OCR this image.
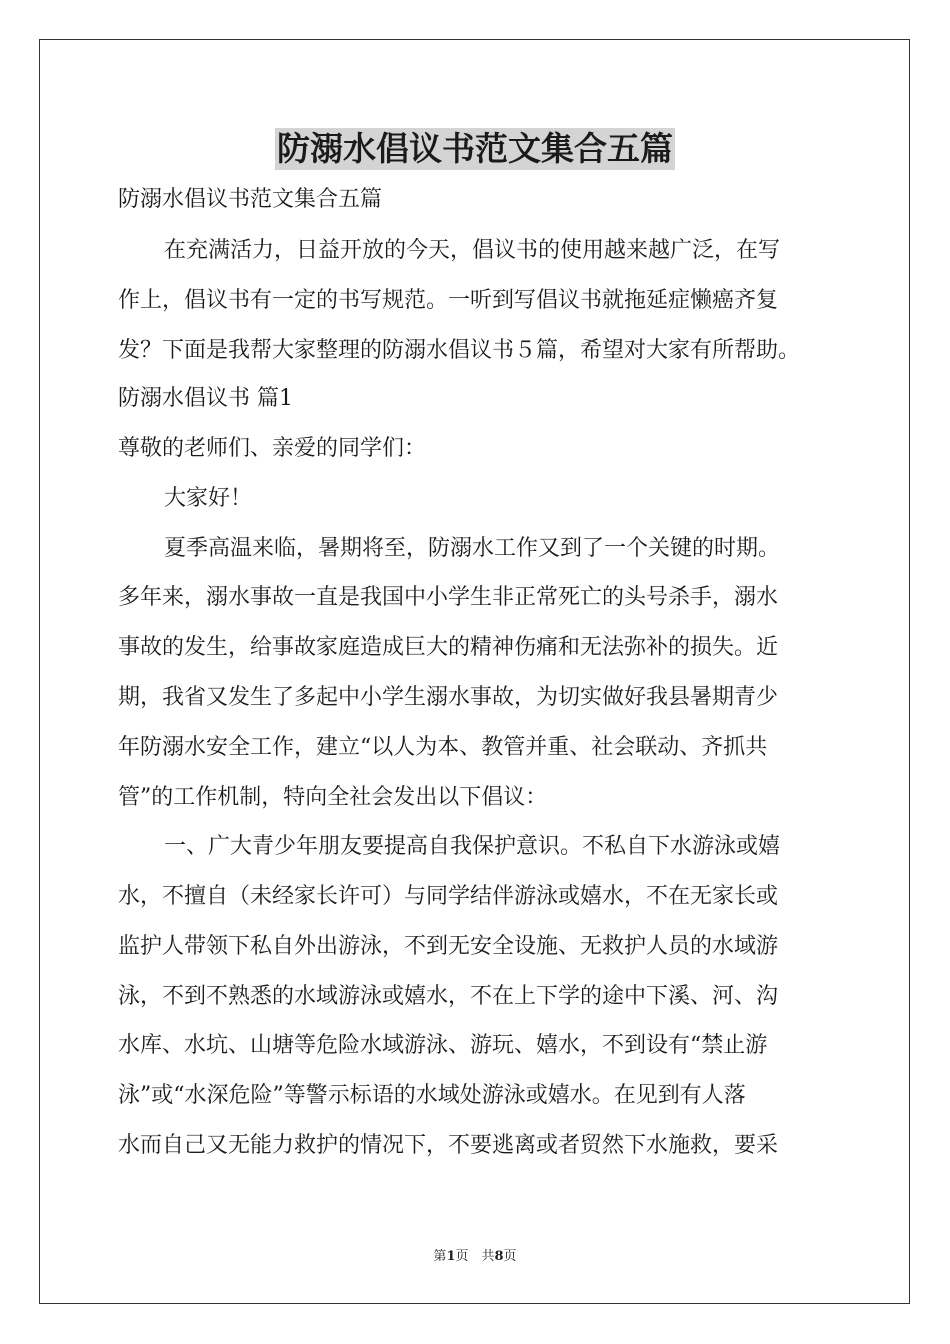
防溺水倡议书范文集合五篇
防溺水倡议书范文集合五篇
在充满活力，日益开放的今天，倡议书的使用越来越广泛，在写
作上，倡议书有一定的书写规范。一听到写倡议书就拖延症懒癌齐复
发？下面是我帮大家整理的防溺水倡议书５篇，希望对大家有所帮助。
防溺水倡议书 篇1
尊敬的老师们、亲爱的同学们：
大家好！
夏季高温来临，暑期将至，防溺水工作又到了一个关键的时期。
多年来，溺水事故一直是我国中小学生非正常死亡的头号杀手，溺水
事故的发生，给事故家庭造成巨大的精神伤痛和无法弥补的损失。近
期，我省又发生了多起中小学生溺水事故，为切实做好我县暑期青少
年防溺水安全工作，建立“以人为本、教管并重、社会联动、齐抓共
管”的工作机制，特向全社会发出以下倡议：
一、广大青少年朋友要提高自我保护意识。不私自下水游泳或嬉
水，不擅自（未经家长许可）与同学结伴游泳或嬉水，不在无家长或
监护人带领下私自外出游泳，不到无安全设施、无救护人员的水域游
泳，不到不熟悉的水域游泳或嬉水，不在上下学的途中下溪、河、沟
水库、水坑、山塘等危险水域游泳、游玩、嬉水，不到设有“禁止游
泳”或“水深危险”等警示标语的水域处游泳或嬉水。在见到有人落
水而自己又无能力救护的情况下，不要逃离或者贸然下水施救，要采
第1页　共8页
